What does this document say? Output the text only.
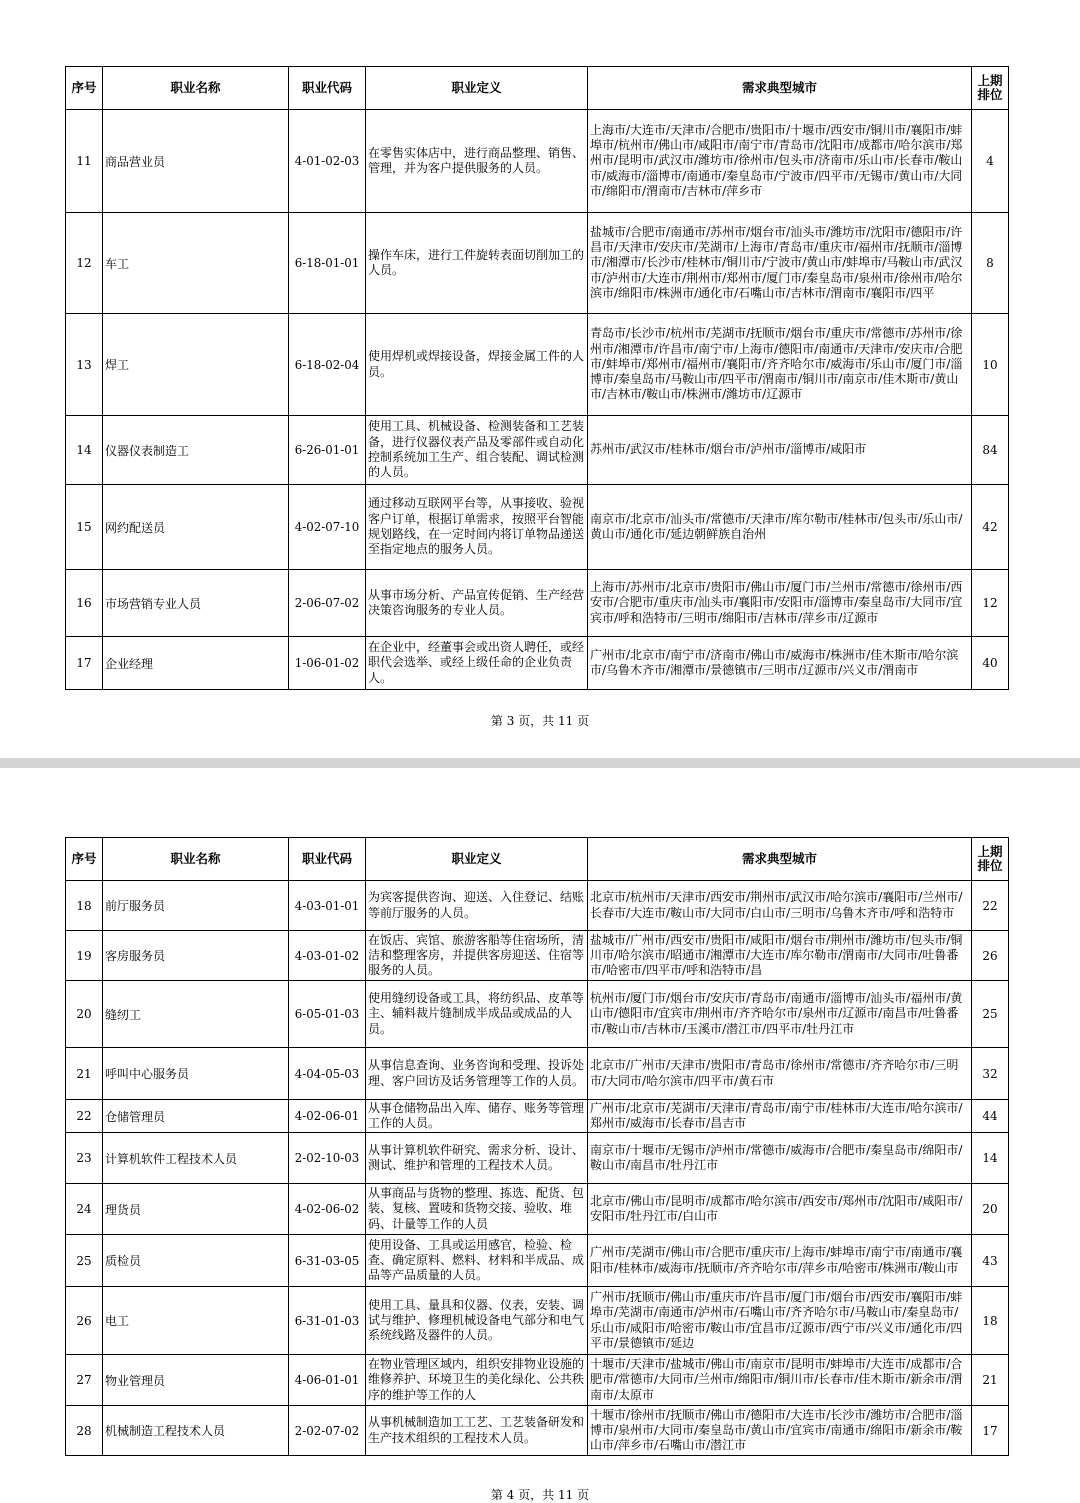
序号	职业名称	职业代码	职业定义	需求典型城市	上期排位
11	商品营业员	4-01-02-03	在零售实体店中，进行商品整理、销售、管理，并为客户提供服务的人员。	上海市/大连市/天津市/合肥市/贵阳市/十堰市/西安市/铜川市/襄阳市/蚌埠市/杭州市/佛山市/咸阳市/南宁市/青岛市/沈阳市/成都市/哈尔滨市/郑州市/昆明市/武汉市/潍坊市/徐州市/包头市/济南市/乐山市/长春市/鞍山市/威海市/淄博市/南通市/秦皇岛市/宁波市/四平市/无锡市/黄山市/大同市/绵阳市/渭南市/吉林市/萍乡市	4
12	车工	6-18-01-01	操作车床，进行工件旋转表面切削加工的人员。	盐城市/合肥市/南通市/苏州市/烟台市/汕头市/潍坊市/沈阳市/德阳市/许昌市/天津市/安庆市/芜湖市/上海市/青岛市/重庆市/福州市/抚顺市/淄博市/湘潭市/长沙市/桂林市/铜川市/宁波市/黄山市/蚌埠市/马鞍山市/武汉市/泸州市/大连市/荆州市/郑州市/厦门市/秦皇岛市/泉州市/徐州市/哈尔滨市/绵阳市/株洲市/通化市/石嘴山市/吉林市/渭南市/襄阳市/四平	8
13	焊工	6-18-02-04	使用焊机或焊接设备，焊接金属工件的人员。	青岛市/长沙市/杭州市/芜湖市/抚顺市/烟台市/重庆市/常德市/苏州市/徐州市/湘潭市/许昌市/南宁市/上海市/德阳市/南通市/天津市/安庆市/合肥市/蚌埠市/郑州市/福州市/襄阳市/齐齐哈尔市/威海市/乐山市/厦门市/淄博市/秦皇岛市/马鞍山市/四平市/渭南市/铜川市/南京市/佳木斯市/黄山市/吉林市/鞍山市/株洲市/潍坊市/辽源市	10
14	仪器仪表制造工	6-26-01-01	使用工具、机械设备、检测装备和工艺装备，进行仪器仪表产品及零部件或自动化控制系统加工生产、组合装配、调试检测的人员。	苏州市/武汉市/桂林市/烟台市/泸州市/淄博市/咸阳市	84
15	网约配送员	4-02-07-10	通过移动互联网平台等，从事接收、验视客户订单，根据订单需求，按照平台智能规划路线，在一定时间内将订单物品递送至指定地点的服务人员。	南京市/北京市/汕头市/常德市/天津市/库尔勒市/桂林市/包头市/乐山市/黄山市/通化市/延边朝鲜族自治州	42
16	市场营销专业人员	2-06-07-02	从事市场分析、产品宣传促销、生产经营决策咨询服务的专业人员。	上海市/苏州市/北京市/贵阳市/佛山市/厦门市/兰州市/常德市/徐州市/西安市/合肥市/重庆市/汕头市/襄阳市/安阳市/淄博市/秦皇岛市/大同市/宜宾市/呼和浩特市/三明市/绵阳市/吉林市/萍乡市/辽源市	12
17	企业经理	1-06-01-02	在企业中，经董事会或出资人聘任，或经职代会选举、或经上级任命的企业负责人。	广州市/北京市/南宁市/济南市/佛山市/威海市/株洲市/佳木斯市/哈尔滨市/乌鲁木齐市/湘潭市/景德镇市/三明市/辽源市/兴义市/渭南市	40
第 3 页，共 11 页
序号	职业名称	职业代码	职业定义	需求典型城市	上期排位
18	前厅服务员	4-03-01-01	为宾客提供咨询、迎送、入住登记、结账等前厅服务的人员。	北京市/杭州市/天津市/西安市/荆州市/武汉市/哈尔滨市/襄阳市/兰州市/长春市/大连市/鞍山市/大同市/白山市/三明市/乌鲁木齐市/呼和浩特市	22
19	客房服务员	4-03-01-02	在饭店、宾馆、旅游客船等住宿场所，清洁和整理客房，并提供客房迎送、住宿等服务的人员。	盐城市/广州市/西安市/贵阳市/咸阳市/烟台市/荆州市/潍坊市/包头市/铜川市/哈尔滨市/昭通市/湘潭市/大连市/库尔勒市/渭南市/大同市/吐鲁番市/哈密市/四平市/呼和浩特市/昌	26
20	缝纫工	6-05-01-03	使用缝纫设备或工具，将纺织品、皮革等主、辅料裁片缝制成半成品或成品的人员。	杭州市/厦门市/烟台市/安庆市/青岛市/南通市/淄博市/汕头市/福州市/黄山市/德阳市/宜宾市/荆州市/齐齐哈尔市/泉州市/辽源市/南昌市/吐鲁番市/鞍山市/吉林市/玉溪市/潜江市/四平市/牡丹江市	25
21	呼叫中心服务员	4-04-05-03	从事信息查询、业务咨询和受理、投诉处理、客户回访及话务管理等工作的人员。	北京市/广州市/天津市/贵阳市/青岛市/徐州市/常德市/齐齐哈尔市/三明市/大同市/哈尔滨市/四平市/黄石市	32
22	仓储管理员	4-02-06-01	从事仓储物品出入库、储存、账务等管理工作的人员。	广州市/北京市/芜湖市/天津市/青岛市/南宁市/桂林市/大连市/哈尔滨市/郑州市/威海市/长春市/昌吉市	44
23	计算机软件工程技术人员	2-02-10-03	从事计算机软件研究、需求分析、设计、测试、维护和管理的工程技术人员。	南京市/十堰市/无锡市/泸州市/常德市/威海市/合肥市/秦皇岛市/绵阳市/鞍山市/南昌市/牡丹江市	14
24	理货员	4-02-06-02	从事商品与货物的整理、拣选、配货、包装、复核、置唛和货物交接、验收、堆码、计量等工作的人员	北京市/佛山市/昆明市/成都市/哈尔滨市/西安市/郑州市/沈阳市/咸阳市/安阳市/牡丹江市/白山市	20
25	质检员	6-31-03-05	使用设备、工具或运用感官，检验、检查、确定原料、燃料、材料和半成品、成品等产品质量的人员。	广州市/芜湖市/佛山市/合肥市/重庆市/上海市/蚌埠市/南宁市/南通市/襄阳市/桂林市/威海市/抚顺市/齐齐哈尔市/萍乡市/哈密市/株洲市/鞍山市	43
26	电工	6-31-01-03	使用工具、量具和仪器、仪表，安装、调试与维护、修理机械设备电气部分和电气系统线路及器件的人员。	广州市/抚顺市/佛山市/重庆市/许昌市/厦门市/烟台市/西安市/襄阳市/蚌埠市/芜湖市/南通市/泸州市/石嘴山市/齐齐哈尔市/马鞍山市/秦皇岛市/乐山市/咸阳市/哈密市/鞍山市/宜昌市/辽源市/西宁市/兴义市/通化市/四平市/景德镇市/延边	18
27	物业管理员	4-06-01-01	在物业管理区域内，组织安排物业设施的维修养护、环境卫生的美化绿化、公共秩序的维护等工作的人	十堰市/天津市/盐城市/佛山市/南京市/昆明市/蚌埠市/大连市/成都市/合肥市/常德市/大同市/兰州市/绵阳市/铜川市/长春市/佳木斯市/新余市/渭南市/太原市	21
28	机械制造工程技术人员	2-02-07-02	从事机械制造加工工艺、工艺装备研发和生产技术组织的工程技术人员。	十堰市/徐州市/抚顺市/佛山市/德阳市/大连市/长沙市/潍坊市/合肥市/淄博市/泉州市/大同市/秦皇岛市/黄山市/宜宾市/南通市/绵阳市/新余市/鞍山市/萍乡市/石嘴山市/潜江市	17
第 4 页，共 11 页
